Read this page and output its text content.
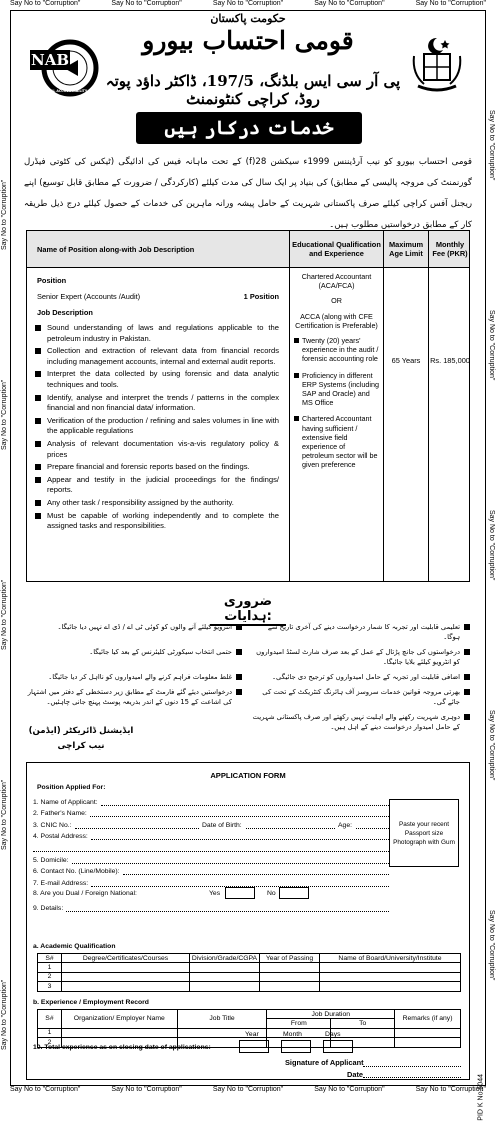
Say No to "Corruption"	Say No to "Corruption"	Say No to "Corruption"	Say No to "Corruption"	Say No to "Corruption"
Say No to "Corruption"	Say No to "Corruption"	Say No to "Corruption"	Say No to "Corruption"	Say No to "Corruption"
Say No to "Corruption"
Say No to "Corruption"
Say No to "Corruption"
Say No to "Corruption"
Say No to "Corruption"
Say No to "Corruption"
Say No to "Corruption"
Say No to "Corruption"
Say No to "Corruption"
Say No to "Corruption"
حکومت پاکستان
قومی احتساب بیورو
پی آر سی ایس بلڈنگ، 197/5، ڈاکٹر داؤد پوتہ روڈ، کراچی کنٹونمنٹ
NAB
NATIONAL ACCOUNTABILITY BUREAU
خدمات درکار ہیں
قومی احتساب بیورو کو نیب آرڈیننس 1999ء سیکشن 28(f) کے تحت ماہانہ فیس کی ادائیگی (ٹیکس کی کٹوتی فیڈرل گورنمنٹ کی مروجہ پالیسی کے مطابق) کی بنیاد پر ایک سال کی مدت کیلئے (کارکردگی / ضرورت کے مطابق قابل توسیع) اپنے ریجنل آفس کراچی کیلئے صرف پاکستانی شہریت کے حامل پیشہ ورانہ ماہرین کی خدمات کے حصول کیلئے درج ذیل طریقہ کار کے مطابق درخواستیں مطلوب ہیں۔
Name of Position along-with Job Description	Educational Qualification and Experience
Maximum Age Limit
Monthly Fee (PKR)
Position
Senior Expert (Accounts /Audit)	1 Position
Job Description
Sound understanding of laws and regulations applicable to the petroleum industry in Pakistan.
Collection and extraction of relevant data from financial records including management accounts, internal and external audit reports.
Interpret the data collected by using forensic and data analytic techniques and tools.
Identify, analyse and interpret the trends / patterns in the complex financial and non financial data/ information.
Verification of the production / refining and sales volumes in line with the applicable regulations
Analysis of relevant documentation vis-a-vis regulatory policy & prices
Prepare financial and forensic reports based on the findings.
Appear and testify in the judicial proceedings for the findings/ reports.
Any other task / responsibility assigned by the authority.
Must be capable of working independently and to complete the assigned tasks and responsibilities.

Chartered Accountant (ACA/FCA)

OR

ACCA (along with CFE Certification is Preferable)

Twenty (20) years' experience in the audit / forensic accounting role
Proficiency in different ERP Systems (including SAP and Oracle) and MS Office
Chartered Accountant having sufficient / extensive field experience of petroleum sector will be given preference
65 Years	Rs. 185,000
ضروری ہدایات:
تعلیمی قابلیت اور تجربہ کا شمار درخواست دینے کی آخری تاریخ سے ہوگا۔
انٹرویو کیلئے آنے والوں کو کوئی ٹی اے / ڈی اے نہیں دیا جائیگا۔
درخواستوں کی جانچ پڑتال کے عمل کے بعد صرف شارٹ لسٹڈ امیدواروں کو انٹرویو کیلئے بلایا جائیگا۔
حتمی انتخاب سیکورٹی کلیئرنس کے بعد کیا جائیگا۔
اضافی قابلیت اور تجربہ کے حامل امیدواروں کو ترجیح دی جائیگی۔
غلط معلومات فراہم کرنے والے امیدواروں کو نااہل کر دیا جائیگا۔
بھرتی مروجہ قوانین خدمات سروسز آف ہائرنگ کنٹریکٹ کے تحت کی جائے گی۔
درخواستیں دیئے گئے فارمٹ کے مطابق زیر دستخطی کے دفتر میں اشتہار کی اشاعت کے 15 دنوں کے اندر بذریعہ پوسٹ پہنچ جانی چاہئیں۔
دوہری شہریت رکھنے والے اہلیت نہیں رکھتے اور صرف پاکستانی شہریت کے حامل امیدوار درخواست دینے کے اہل ہیں۔
ایڈیشنل ڈائریکٹر (ایڈمن)
نیب کراچی
APPLICATION FORM
Position Applied For:
1. Name of Applicant:
2. Father's Name:
3. CNIC No.:	Date of Birth:	Age:
4. Postal Address:
5. Domicile:
6. Contact No. (Line/Mobile):
7. E-mail Address:
8. Are you Dual / Foreign National:	Yes	No
9. Details:
Paste your recent Passport size Photograph with Gum
a. Academic Qualification
S#	Degree/Certificates/Courses	Division/Grade/CGPA	Year of Passing	Name of Board/University/Institute
1				
2				
3				
b. Experience / Employment Record
S#	Organization/ Employer Name	Job Title	Job Duration		Remarks (if any)
			From	To	
1					
2					
Year	Month	Days
10. Total experience as on closing date of applications:
Signature of Applicant
Date	PID K No.5044
